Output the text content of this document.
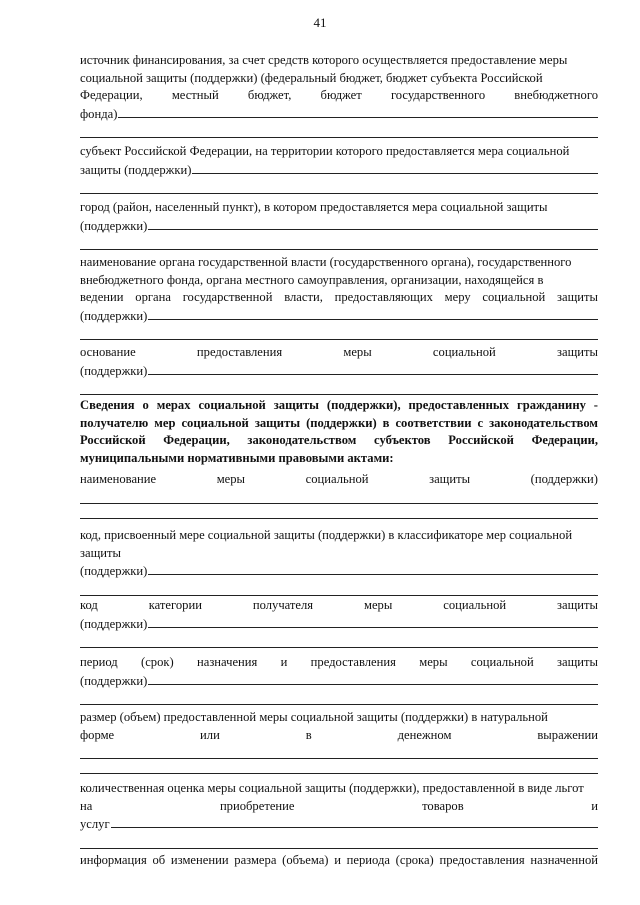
41

источник финансирования, за счет средств которого осуществляется предоставление меры

социальной защиты (поддержки) (федеральный бюджет, бюджет субъекта Российской

Федерации, местный бюджет, бюджет государственного внебюджетного

фонда)

субъект Российской Федерации, на территории которого предоставляется мера социальной

защиты (поддержки)

город (район, населенный пункт), в котором предоставляется мера социальной защиты

(поддержки)

наименование органа государственной власти (государственного органа), государственного

внебюджетного фонда, органа местного самоуправления, организации, находящейся в

ведении органа государственной власти, предоставляющих меру социальной защиты

(поддержки)

основание предоставления меры социальной защиты

(поддержки)

Сведения о мерах социальной защиты (поддержки), предоставленных гражданину - получателю мер социальной защиты (поддержки) в соответствии с законодательством Российской Федерации, законодательством субъектов Российской Федерации, муниципальными нормативными правовыми актами:

наименование меры социальной защиты (поддержки)

код, присвоенный мере социальной защиты (поддержки) в классификаторе мер социальной

защиты

(поддержки)

код категории получателя меры социальной защиты

(поддержки)

период (срок) назначения и предоставления меры социальной защиты

(поддержки)

размер (объем) предоставленной меры социальной защиты (поддержки) в натуральной

форме или в денежном выражении

количественная оценка меры социальной защиты (поддержки), предоставленной в виде льгот

на приобретение товаров и

услуг

информация об изменении размера (объема) и периода (срока) предоставления назначенной
